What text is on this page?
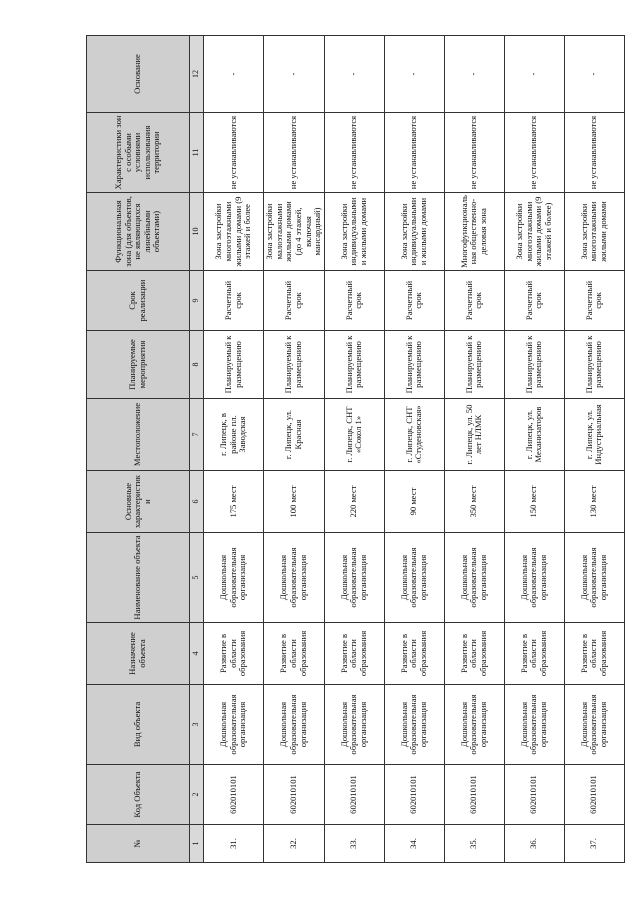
№	Код Объекта	Вид объекта	Назначение объекта	Наименование объекта	Основные характеристики	Местоположение	Планируемые мероприятия	Срок реализации	Функциональная зона (для объектов, не являющихся линейными объектами)	Характеристики зон с особыми условиями использования территории	Основание
1	2	3	4	5	6	7	8	9	10	11	12
31.	602010101	Дошкольная образовательная организация	Развитие в области образования	Дошкольная образовательная организация	175 мест	г. Липецк, в районе пл. Заводская	Планируемый к размещению	Расчетный срок	Зона застройки многоэтажными жилыми домами (9 этажей и более	не устанавливаются	-
32.	602010101	Дошкольная образовательная организация	Развитие в области образования	Дошкольная образовательная организация	100 мест	г. Липецк, ул. Красная	Планируемый к размещению	Расчетный срок	Зона застройки малоэтажными жилыми домами (до 4 этажей, включая мансардный)	не устанавливаются	-
33.	602010101	Дошкольная образовательная организация	Развитие в области образования	Дошкольная образовательная организация	220 мест	г. Липецк, СНТ «Сокол 1»	Планируемый к размещению	Расчетный срок	Зона застройки индивидуальными и жилыми домами	не устанавливаются	-
34.	602010101	Дошкольная образовательная организация	Развитие в области образования	Дошкольная образовательная организация	90 мест	г. Липецк, СНТ «Студеновская»	Планируемый к размещению	Расчетный срок	Зона застройки индивидуальными и жилыми домами	не устанавливаются	-
35.	602010101	Дошкольная образовательная организация	Развитие в области образования	Дошкольная образовательная организация	350 мест	г. Липецк, ул. 50 лет НЛМК	Планируемый к размещению	Расчетный срок	Многофункциональная общественно-деловая зона	не устанавливаются	-
36.	602010101	Дошкольная образовательная организация	Развитие в области образования	Дошкольная образовательная организация	150 мест	г. Липецк, ул. Механизаторов	Планируемый к размещению	Расчетный срок	Зона застройки многоэтажными жилыми домами (9 этажей и более)	не устанавливаются	-
37.	602010101	Дошкольная образовательная организация	Развитие в области образования	Дошкольная образовательная организация	130 мест	г. Липецк, ул. Индустриальная	Планируемый к размещению	Расчетный срок	Зона застройки многоэтажными жилыми домами	не устанавливаются	-
